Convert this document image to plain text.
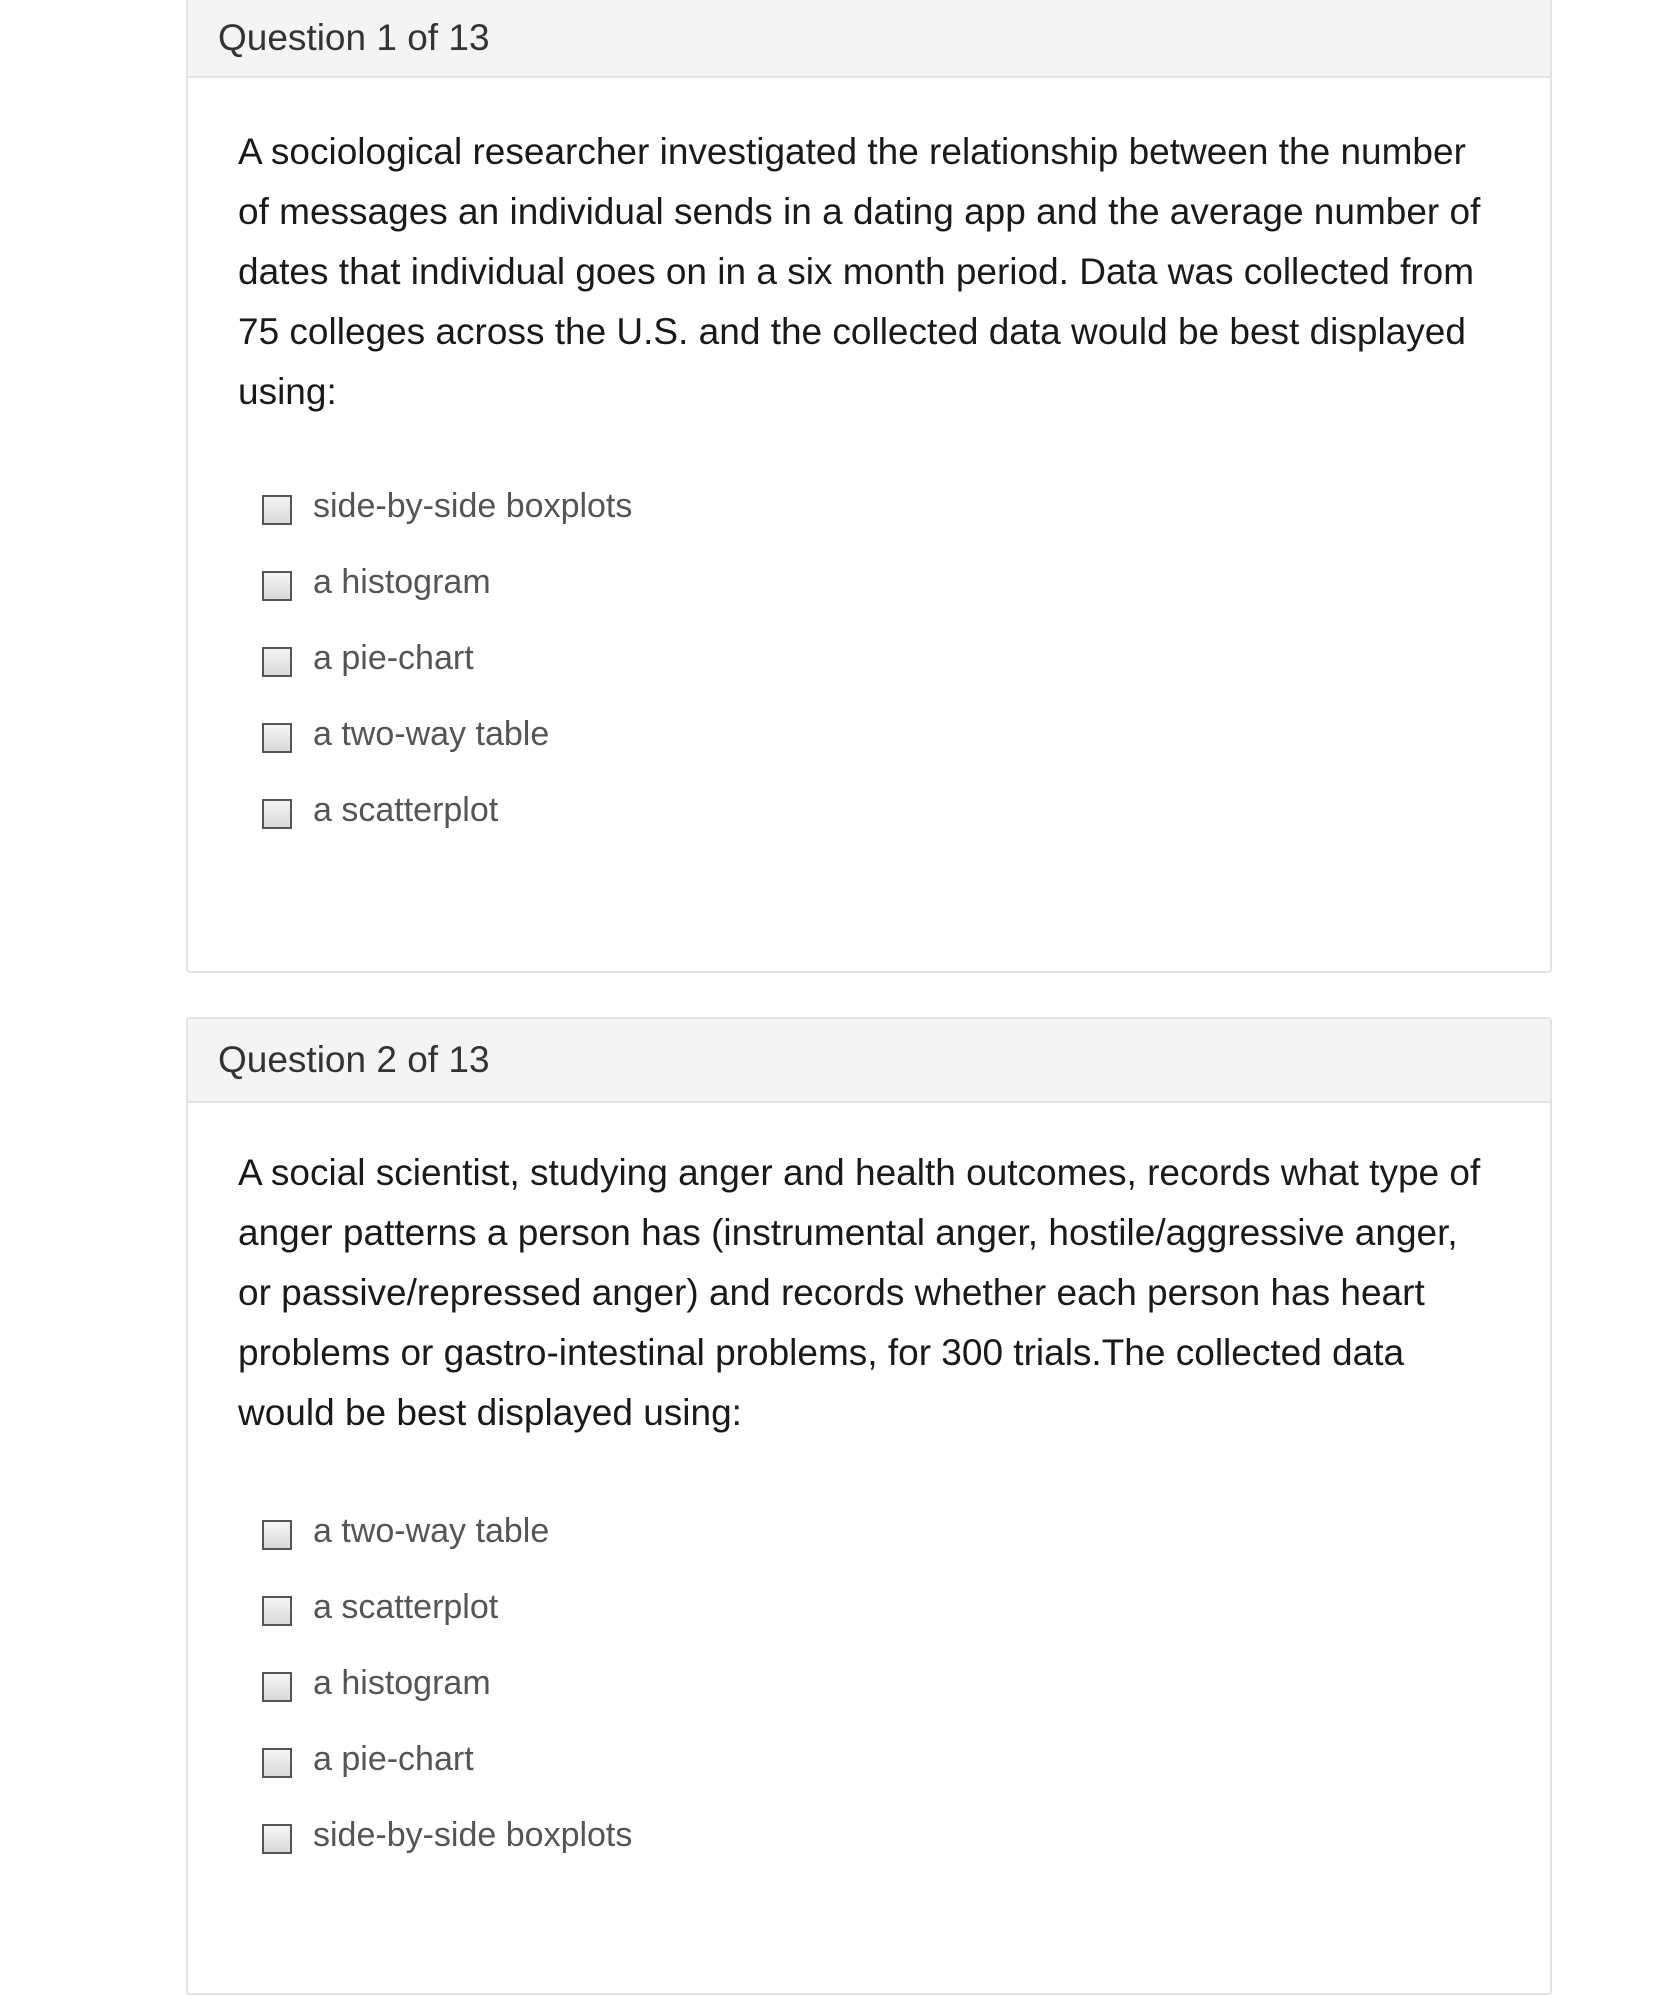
Question 1 of 13

A sociological researcher investigated the relationship between the number of messages an individual sends in a dating app and the average number of dates that individual goes on in a six month period. Data was collected from 75 colleges across the U.S. and the collected data would be best displayed using:

side-by-side boxplots
a histogram
a pie-chart
a two-way table
a scatterplot
Question 2 of 13

A social scientist, studying anger and health outcomes, records what type of anger patterns a person has (instrumental anger, hostile/aggressive anger, or passive/repressed anger) and records whether each person has heart problems or gastro-intestinal problems, for 300 trials.The collected data would be best displayed using:

a two-way table
a scatterplot
a histogram
a pie-chart
side-by-side boxplots
